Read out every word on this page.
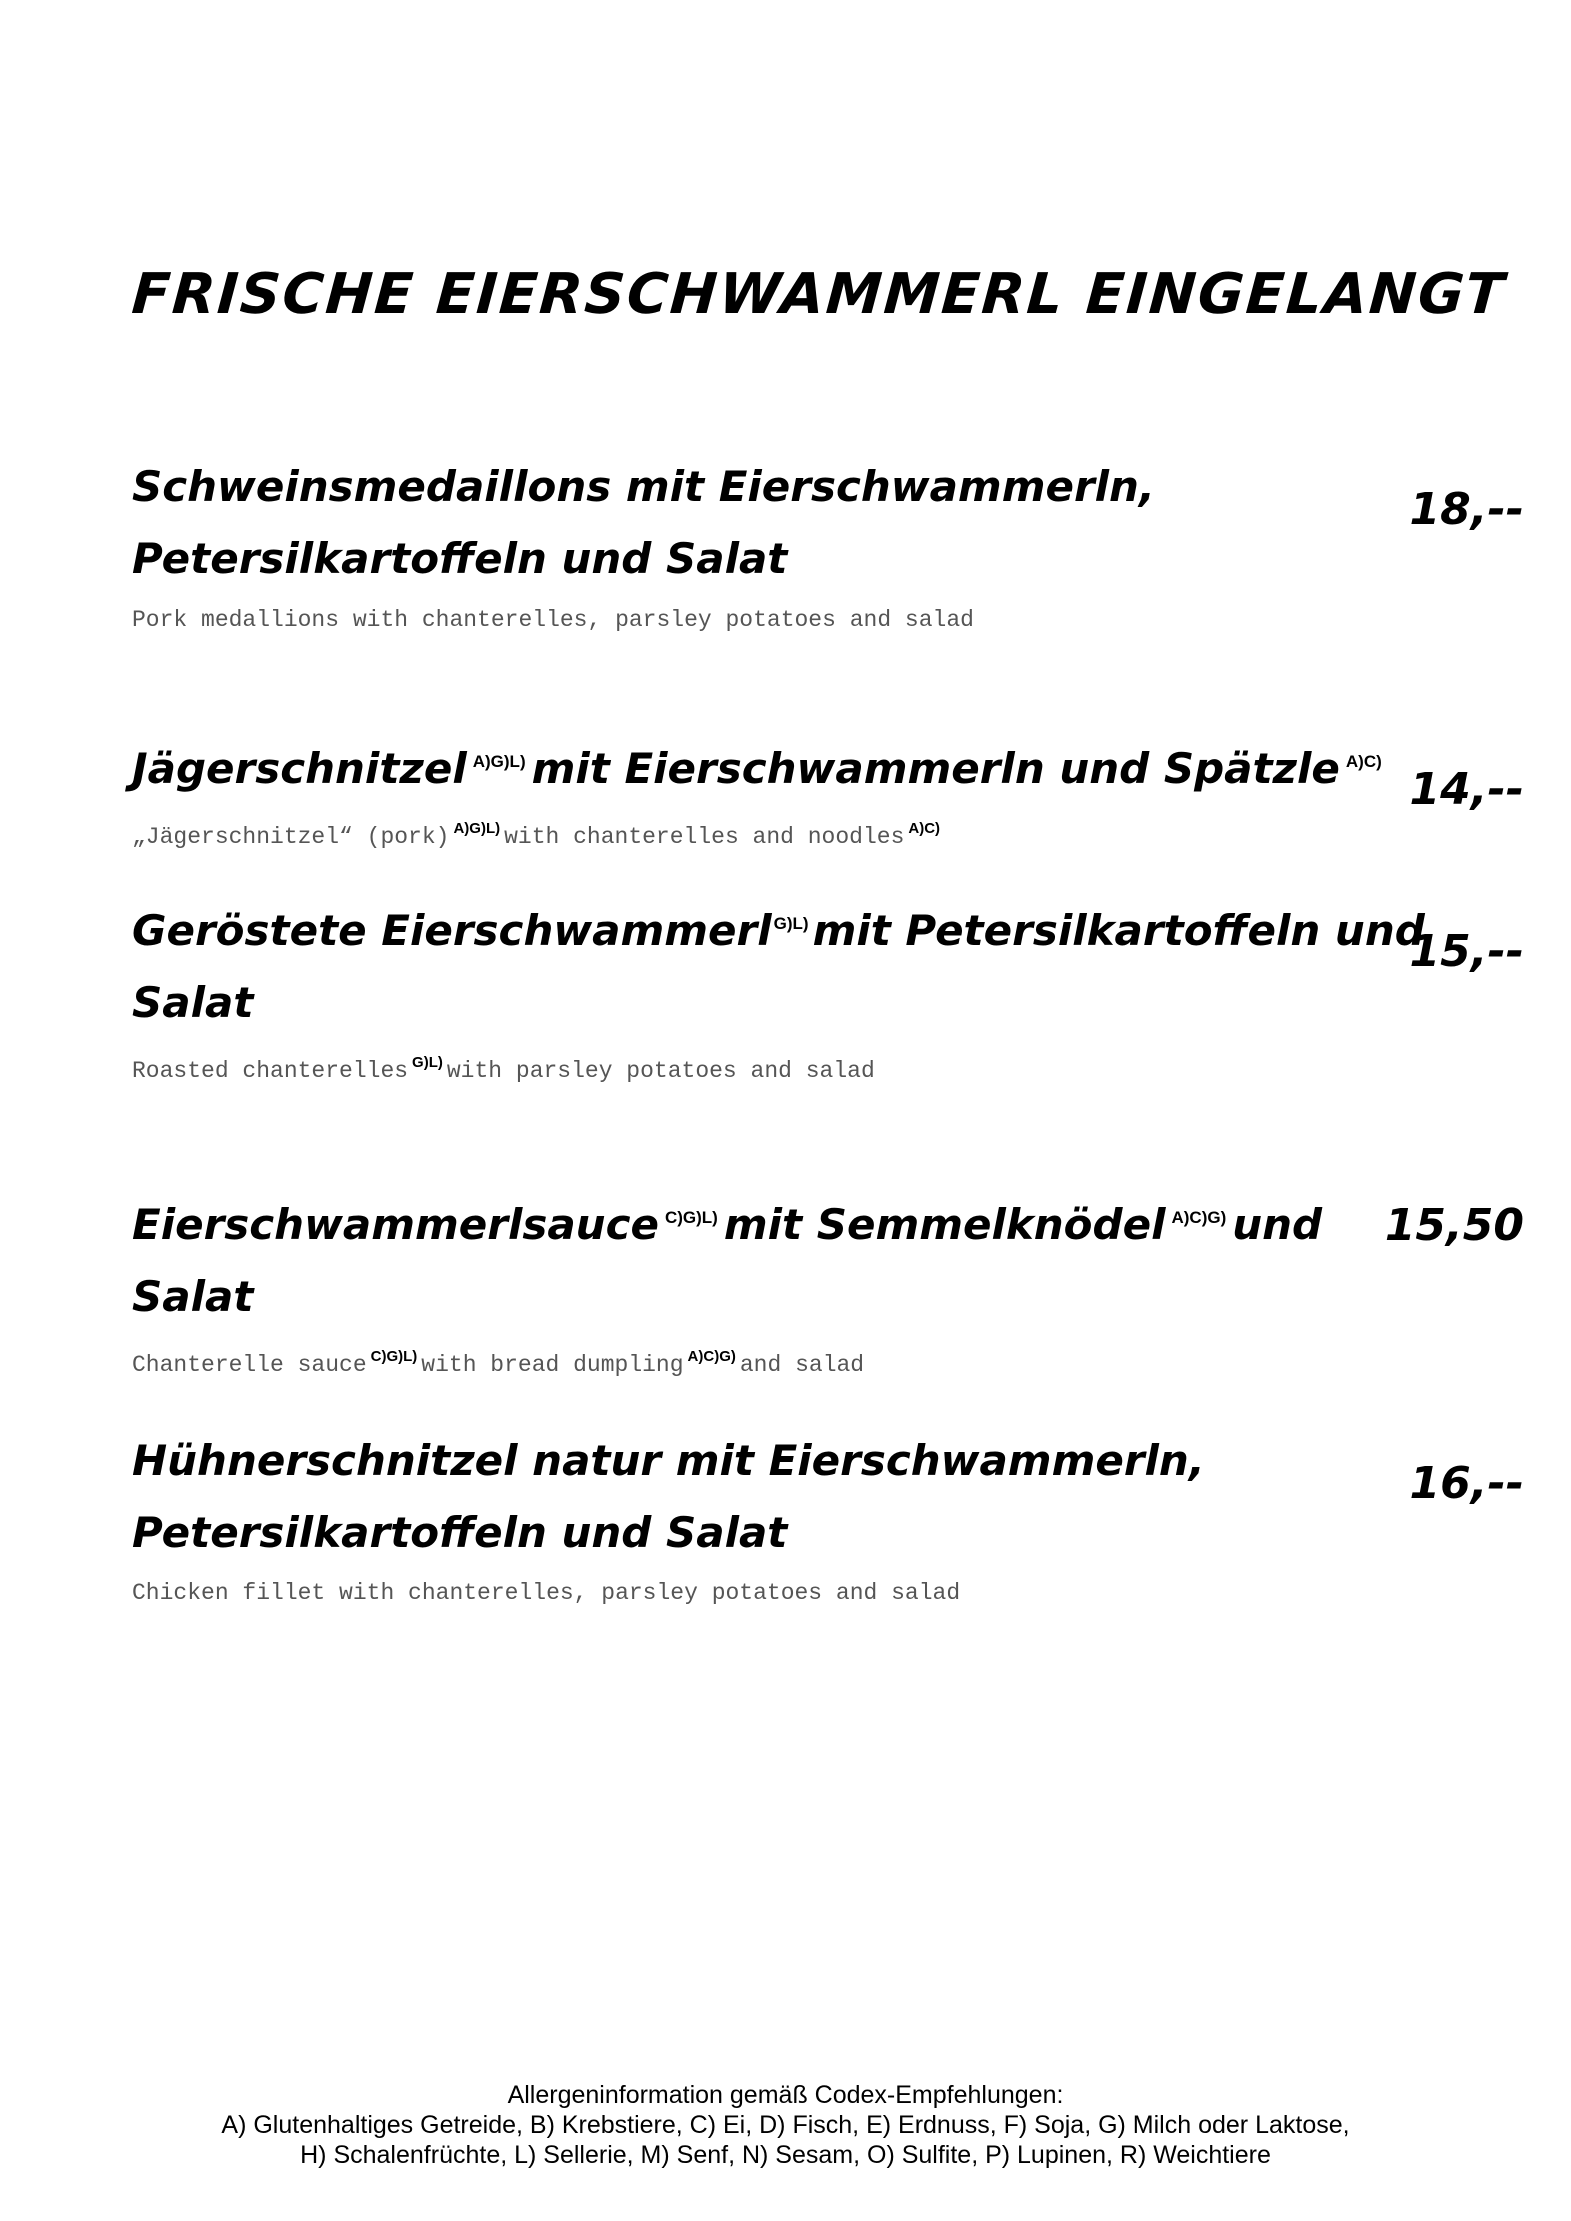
FRISCHE EIERSCHWAMMERL EINGELANGT
Schweinsmedaillons mit Eierschwammerln,
Petersilkartoffeln und Salat
Pork medallions with chanterelles, parsley potatoes and salad
18,--
Jägerschnitzel $^{A)G)L)}$ mit Eierschwammerln und Spätzle $^{A)C)}$
„Jägerschnitzel“ (pork) $^{A)G)L)}$ with chanterelles and noodles $^{A)C)}$
14,--
Geröstete Eierschwammerl $^{G)L)}$mit Petersilkartoffeln und
Salat
Roasted chanterelles $^{G)L)}$ with parsley potatoes and salad
15,--
Eierschwammerlsauce $^{C)G)L)}$ mit Semmelknödel $^{A)C)G)}$ und
Salat
Chanterelle sauce $^{C)G)L)}$ with bread dumpling $^{A)C)G)}$ and salad
15,50
Hühnerschnitzel natur mit Eierschwammerln,
Petersilkartoffeln und Salat
Chicken fillet with chanterelles, parsley potatoes and salad
16,--
Allergeninformation gemäß Codex-Empfehlungen:
A) Glutenhaltiges Getreide, B) Krebstiere, C) Ei, D) Fisch, E) Erdnuss, F) Soja, G) Milch oder Laktose,
H) Schalenfrüchte, L) Sellerie, M) Senf, N) Sesam, O) Sulfite, P) Lupinen, R) Weichtiere
